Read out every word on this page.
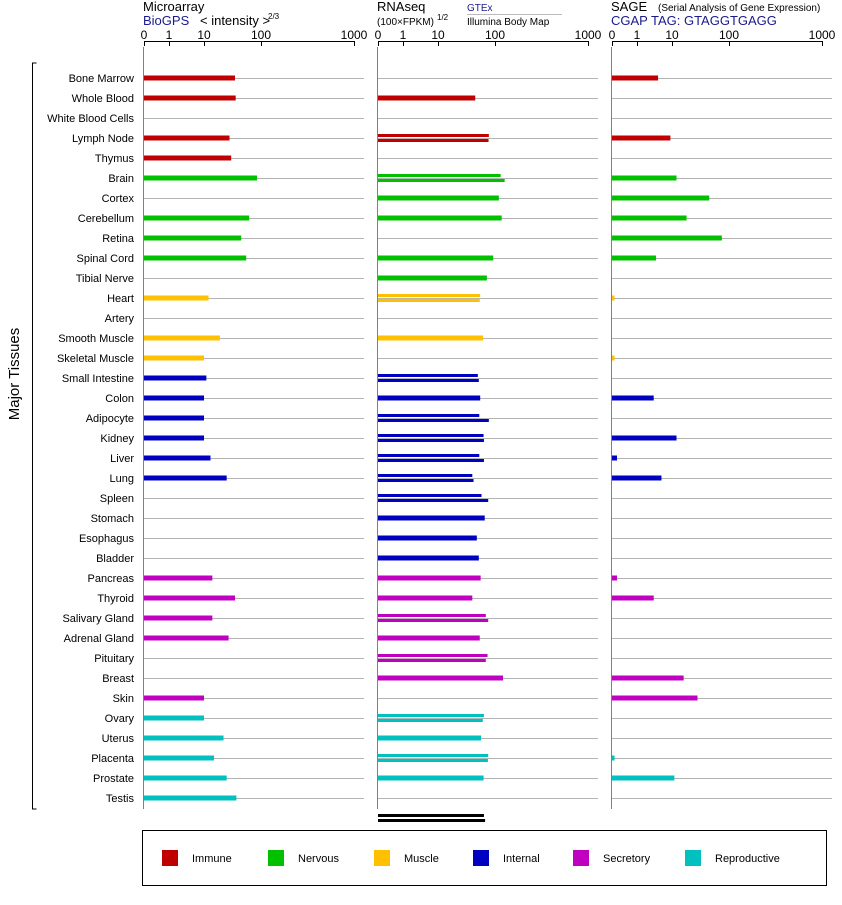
Microarray
BioGPS < intensity >
2/3
RNAseq
(100×FPKM) 1/2
GTEx
Illumina Body Map
SAGE (Serial Analysis of Gene Expression)
CGAP TAG: GTAGGTGAGG
Major Tissues
0 1 10	100	1000 0 1 10	100	1000 0 1 10	100	1000
Bone Marrow
Whole Blood
White Blood Cells
Lymph Node
Thymus
Brain
Cortex
Cerebellum
Retina
Spinal Cord
Tibial Nerve
Heart
Artery
Smooth Muscle
Skeletal Muscle
Small Intestine
Colon
Adipocyte
Kidney
Liver
Lung
Spleen
Stomach
Esophagus
Bladder
Pancreas
Thyroid
Salivary Gland
Adrenal Gland
Pituitary
Breast
Skin
Ovary
Uterus
Placenta
Prostate
Testis
Immune	Nervous	Muscle	Internal	Secretory	Reproductive
